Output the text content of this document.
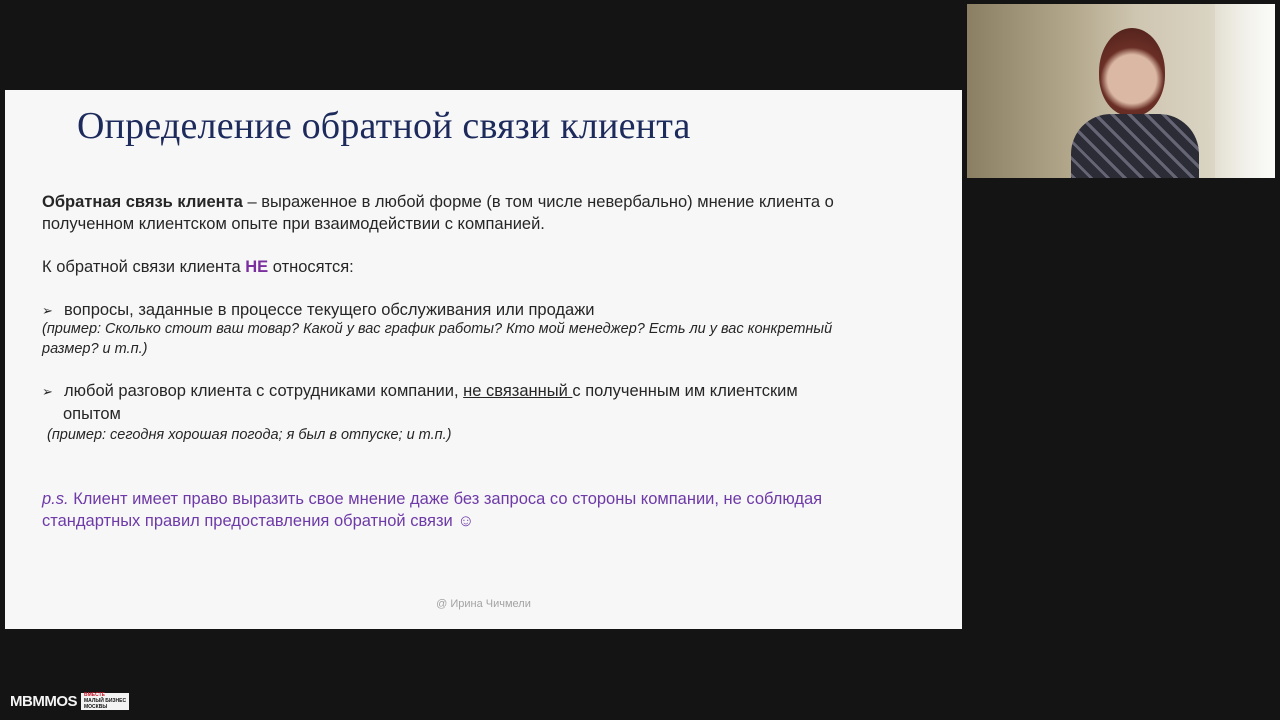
Определение обратной связи клиента
Обратная связь клиента – выраженное в любой форме (в том числе невербально) мнение клиента о полученном клиентском опыте при взаимодействии с компанией.
К обратной связи клиента НЕ относятся:
➢ вопросы, заданные в процессе текущего обслуживания или продажи
(пример: Сколько стоит ваш товар? Какой у вас график работы? Кто мой менеджер? Есть ли у вас конкретный размер? и т.п.)
➢ любой разговор клиента с сотрудниками компании, не связанный с полученным им клиентским
опытом
(пример: сегодня хорошая погода; я был в отпуске; и т.п.)
p.s. Клиент имеет право выразить свое мнение даже без запроса со стороны компании, не соблюдая стандартных правил предоставления обратной связи ☺
@ Ирина Чичмели
MBMMOS ВМЕСТЕ
МАЛЫЙ БИЗНЕС
МОСКВЫ
